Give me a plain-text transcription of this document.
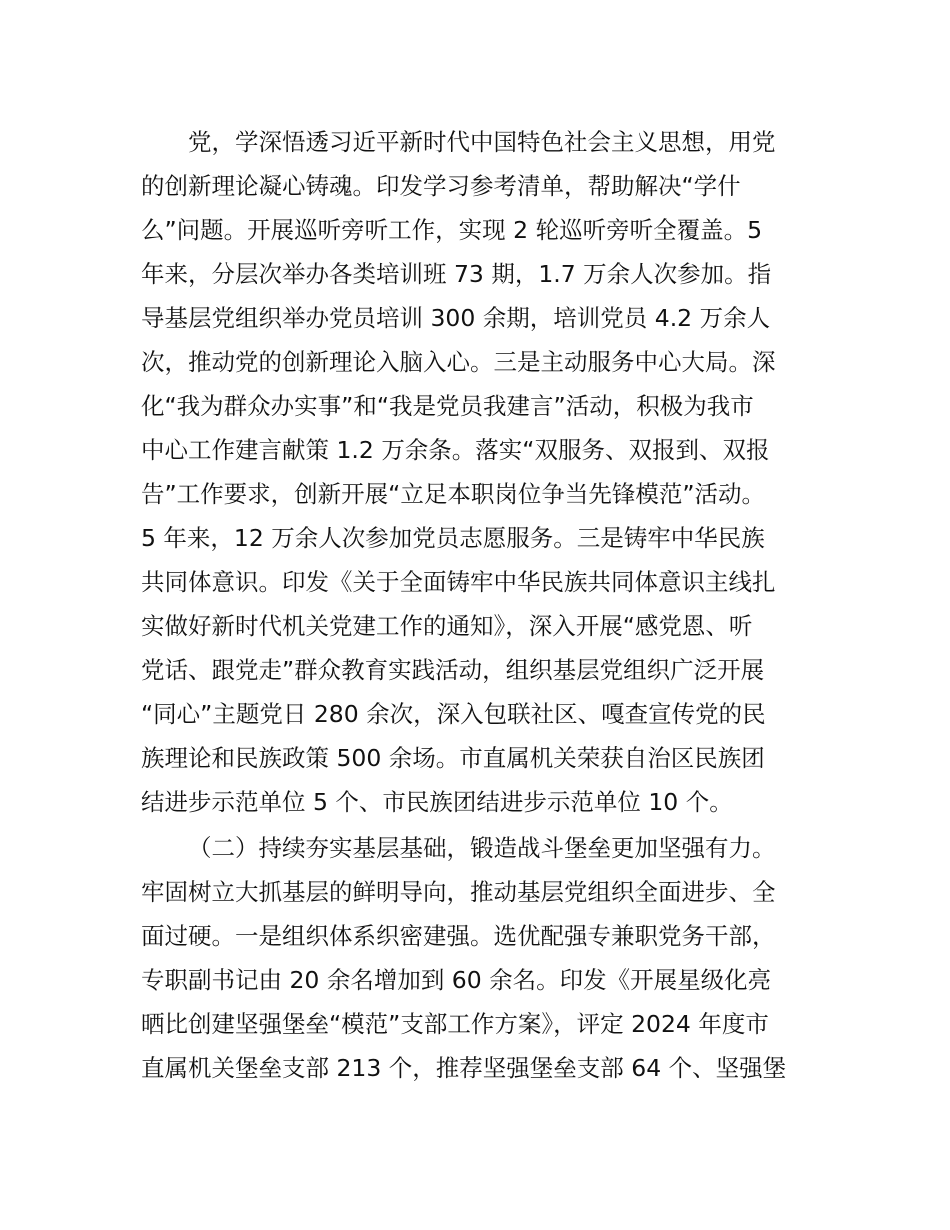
党，学深悟透习近平新时代中国特色社会主义思想，用党
的创新理论凝心铸魂。印发学习参考清单，帮助解决“学什
么”问题。开展巡听旁听工作，实现 2 轮巡听旁听全覆盖。5
年来，分层次举办各类培训班 73 期，1.7 万余人次参加。指
导基层党组织举办党员培训 300 余期，培训党员 4.2 万余人
次，推动党的创新理论入脑入心。三是主动服务中心大局。深
化“我为群众办实事”和“我是党员我建言”活动，积极为我市
中心工作建言献策 1.2 万余条。落实“双服务、双报到、双报
告”工作要求，创新开展“立足本职岗位争当先锋模范”活动。
5 年来，12 万余人次参加党员志愿服务。三是铸牢中华民族
共同体意识。印发《关于全面铸牢中华民族共同体意识主线扎
实做好新时代机关党建工作的通知》，深入开展“感党恩、听
党话、跟党走”群众教育实践活动，组织基层党组织广泛开展
“同心”主题党日 280 余次，深入包联社区、嘎查宣传党的民
族理论和民族政策 500 余场。市直属机关荣获自治区民族团
结进步示范单位 5 个、市民族团结进步示范单位 10 个。
（二）持续夯实基层基础，锻造战斗堡垒更加坚强有力。
牢固树立大抓基层的鲜明导向，推动基层党组织全面进步、全
面过硬。一是组织体系织密建强。选优配强专兼职党务干部，
专职副书记由 20 余名增加到 60 余名。印发《开展星级化亮
晒比创建坚强堡垒“模范”支部工作方案》，评定 2024 年度市
直属机关堡垒支部 213 个，推荐坚强堡垒支部 64 个、坚强堡
